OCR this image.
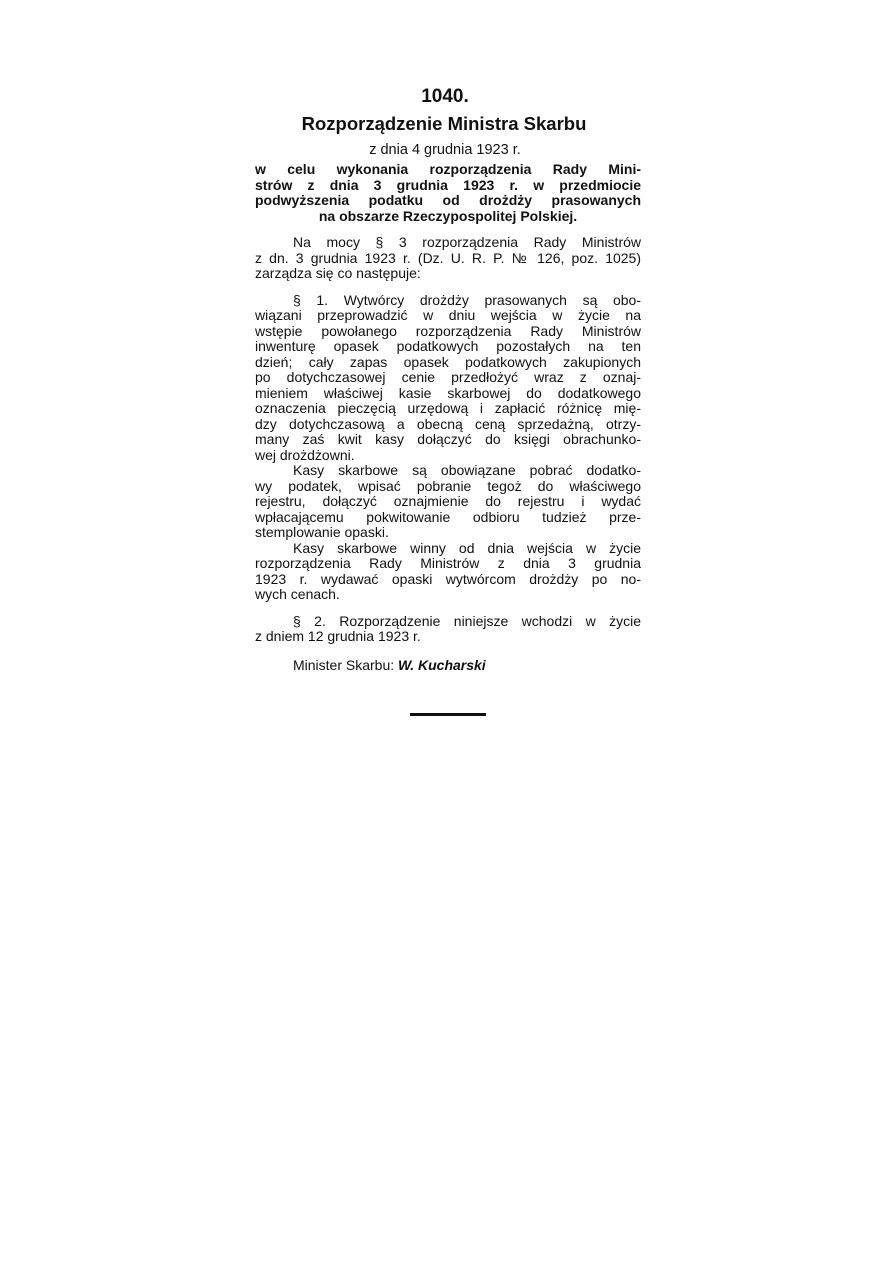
1040.
Rozporządzenie Ministra Skarbu
z dnia 4 grudnia 1923 r.
w celu wykonania rozporządzenia Rady Mini-
strów z dnia 3 grudnia 1923 r. w przedmiocie
podwyższenia podatku od drożdży prasowanych
na obszarze Rzeczypospolitej Polskiej.
Na mocy § 3 rozporządzenia Rady Ministrów
z dn. 3 grudnia 1923 r. (Dz. U. R. P. № 126, poz. 1025)
zarządza się co następuje:
§ 1. Wytwórcy drożdży prasowanych są obo-
wiązani przeprowadzić w dniu wejścia w życie na
wstępie powołanego rozporządzenia Rady Ministrów
inwenturę opasek podatkowych pozostałych na ten
dzień; cały zapas opasek podatkowych zakupionych
po dotychczasowej cenie przedłożyć wraz z oznaj-
mieniem właściwej kasie skarbowej do dodatkowego
oznaczenia pieczęcią urzędową i zapłacić różnicę mię-
dzy dotychczasową a obecną ceną sprzedażną, otrzy-
many zaś kwit kasy dołączyć do księgi obrachunko-
wej drożdżowni.
Kasy skarbowe są obowiązane pobrać dodatko-
wy podatek, wpisać pobranie tegoż do właściwego
rejestru, dołączyć oznajmienie do rejestru i wydać
wpłacającemu pokwitowanie odbioru tudzież prze-
stemplowanie opaski.
Kasy skarbowe winny od dnia wejścia w życie
rozporządzenia Rady Ministrów z dnia 3 grudnia
1923 r. wydawać opaski wytwórcom drożdży po no-
wych cenach.
§ 2. Rozporządzenie niniejsze wchodzi w życie
z dniem 12 grudnia 1923 r.
Minister Skarbu: W. Kucharski
